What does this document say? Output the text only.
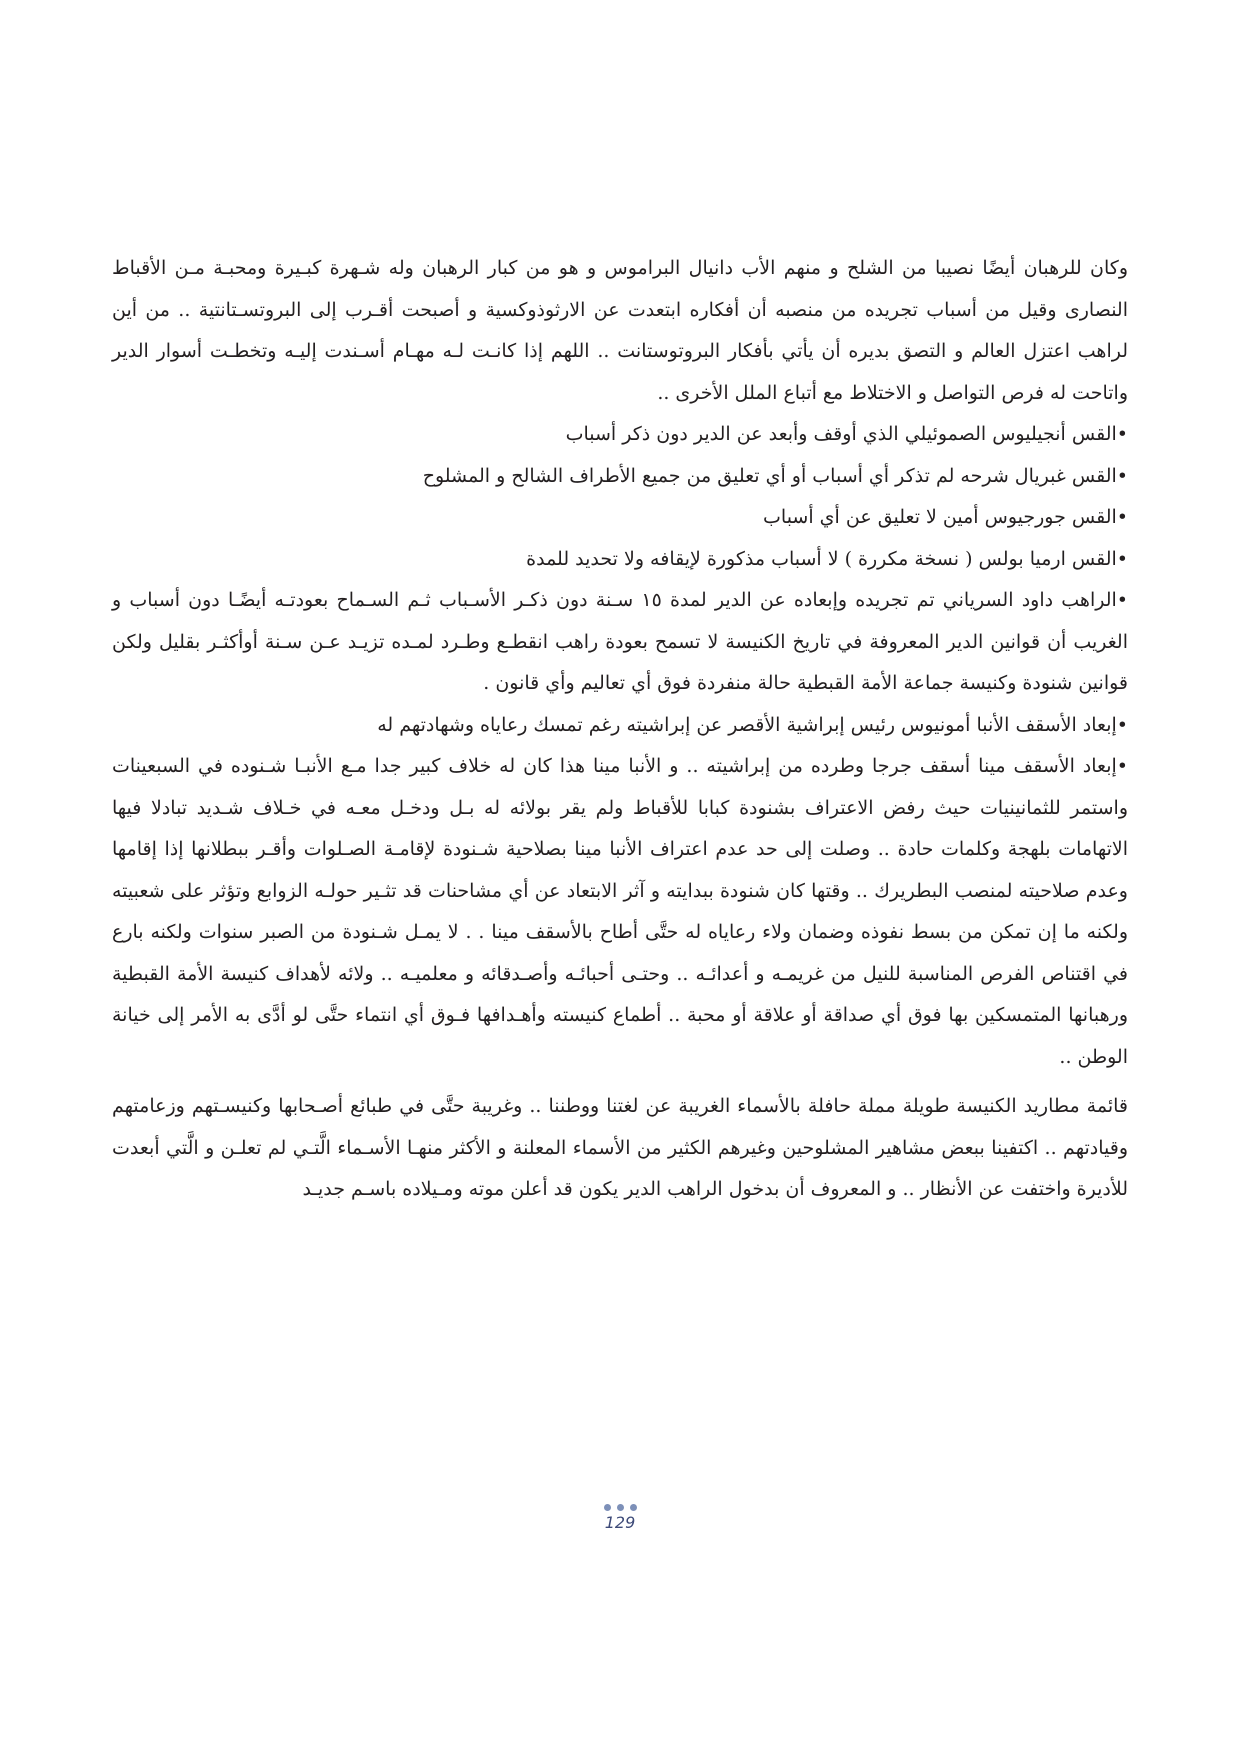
وكان للرهبان أيضًا نصيبا من الشلح و منهم الأب دانيال البراموس و هو من كبار الرهبان وله شـهرة كبـيرة ومحبـة مـن الأقباط النصارى وقيل من أسباب تجريده من منصبه أن أفكاره ابتعدت عن الارثوذوكسية و أصبحت أقـرب إلى البروتسـتانتية .. من أين لراهب اعتزل العالم و التصق بديره أن يأتي بأفكار البروتوستانت .. اللهم إذا كانـت لـه مهـام أسـندت إليـه وتخطـت أسوار الدير واتاحت له فرص التواصل و الاختلاط مع أتباع الملل الأخرى ..

•القس أنجيليوس الصموئيلي الذي أوقف وأبعد عن الدير دون ذكر أسباب

•القس غبريال شرحه لم تذكر أي أسباب أو أي تعليق من جميع الأطراف الشالح و المشلوح

•القس جورجيوس أمين لا تعليق عن أي أسباب

•القس ارميا بولس ( نسخة مكررة ) لا أسباب مذكورة لإيقافه ولا تحديد للمدة

•الراهب داود السرياني تم تجريده وإبعاده عن الدير لمدة ١٥ سـنة دون ذكـر الأسـباب ثـم السـماح بعودتـه أيضًـا دون أسباب و الغريب أن قوانين الدير المعروفة في تاريخ الكنيسة لا تسمح بعودة راهب انقطـع وطـرد لمـده تزيـد عـن سـنة أوأكثـر بقليل ولكن قوانين شنودة وكنيسة جماعة الأمة القبطية حالة منفردة فوق أي تعاليم وأي قانون .

•إبعاد الأسقف الأنبا أمونيوس رئيس إبراشية الأقصر عن إبراشيته رغم تمسك رعاياه وشهادتهم له

•إبعاد الأسقف مينا أسقف جرجا وطرده من إبراشيته .. و الأنبا مينا هذا كان له خلاف كبير جدا مـع الأنبـا شـنوده في السبعينات واستمر للثمانينيات حيث رفض الاعتراف بشنودة كبابا للأقباط ولم يقر بولائه له بـل ودخـل معـه في خـلاف شـديد تبادلا فيها الاتهامات بلهجة وكلمات حادة .. وصلت إلى حد عدم اعتراف الأنبا مينا بصلاحية شـنودة لإقامـة الصـلوات وأقـر ببطلانها إذا إقامها وعدم صلاحيته لمنصب البطريرك .. وقتها كان شنودة ببدايته و آثر الابتعاد عن أي مشاحنات قد تثـير حولـه الزوابع وتؤثر على شعبيته ولكنه ما إن تمكن من بسط نفوذه وضمان ولاء رعاياه له حتَّى أطاح بالأسقف مينا . . لا يمـل شـنودة من الصبر سنوات ولكنه بارع في اقتناص الفرص المناسبة للنيل من غريمـه و أعدائـه .. وحتـى أحبائـه وأصـدقائه و معلميـه .. ولائه لأهداف كنيسة الأمة القبطية ورهبانها المتمسكين بها فوق أي صداقة أو علاقة أو محبة .. أطماع كنيسته وأهـدافها فـوق أي انتماء حتَّى لو أدَّى به الأمر إلى خيانة الوطن ..

قائمة مطاريد الكنيسة طويلة مملة حافلة بالأسماء الغريبة عن لغتنا ووطننا .. وغريبة حتَّى في طبائع أصـحابها وكنيسـتهم وزعامتهم وقيادتهم .. اكتفينا ببعض مشاهير المشلوحين وغيرهم الكثير من الأسماء المعلنة و الأكثر منهـا الأسـماء الَّتـي لم تعلـن و الَّتي أبعدت للأديرة واختفت عن الأنظار .. و المعروف أن بدخول الراهب الدير يكون قد أعلن موته ومـيلاده باسـم جديـد

129
